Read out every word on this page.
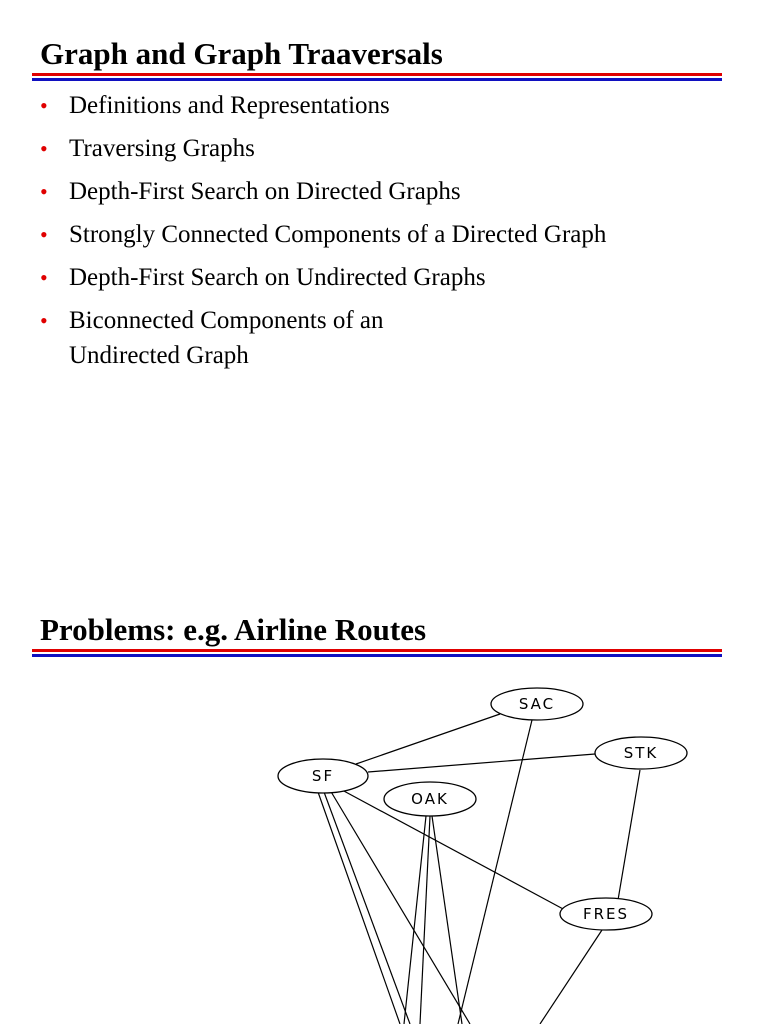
Graph and Graph Traaversals
• Definitions and Representations
• Traversing Graphs
• Depth-First Search on Directed Graphs
• Strongly Connected Components of a Directed Graph
• Depth-First Search on Undirected Graphs
• Biconnected Components of an
Undirected Graph
Problems: e.g. Airline Routes
SAC
STK
SF
OAK
FRES
